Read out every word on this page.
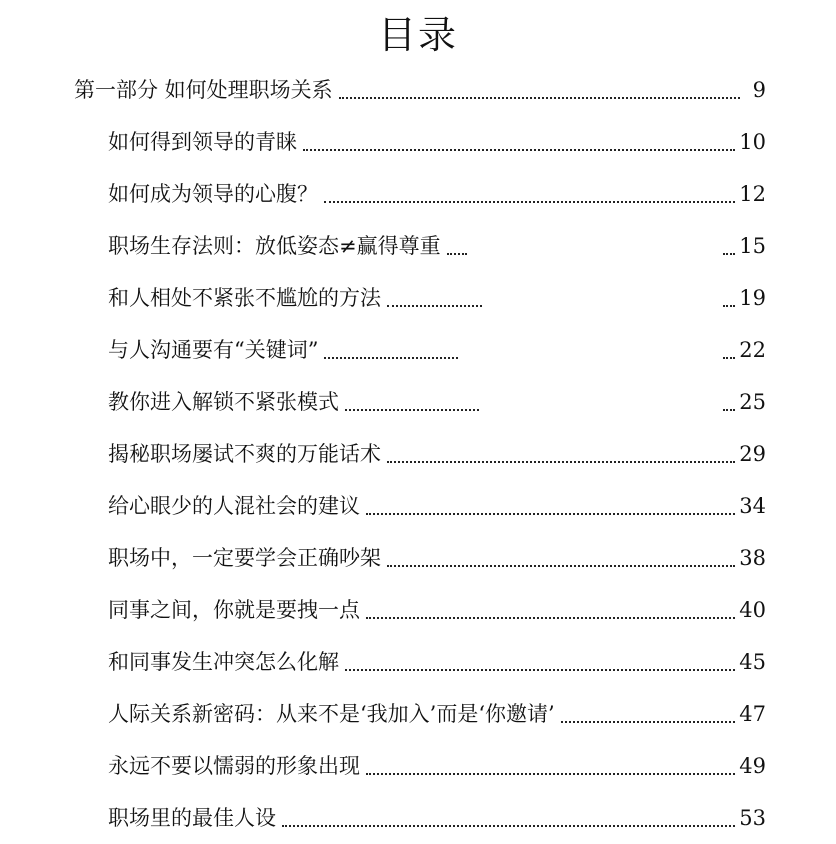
目录
第一部分 如何处理职场关系	9
如何得到领导的青睐	10
如何成为领导的心腹？	12
职场生存法则：放低姿态≠赢得尊重	15
和人相处不紧张不尴尬的方法	19
与人沟通要有“关键词”	22
教你进入解锁不紧张模式	25
揭秘职场屡试不爽的万能话术	29
给心眼少的人混社会的建议	34
职场中，一定要学会正确吵架	38
同事之间，你就是要拽一点	40
和同事发生冲突怎么化解	45
人际关系新密码：从来不是‘我加入’而是‘你邀请’	47
永远不要以懦弱的形象出现	49
职场里的最佳人设	53
